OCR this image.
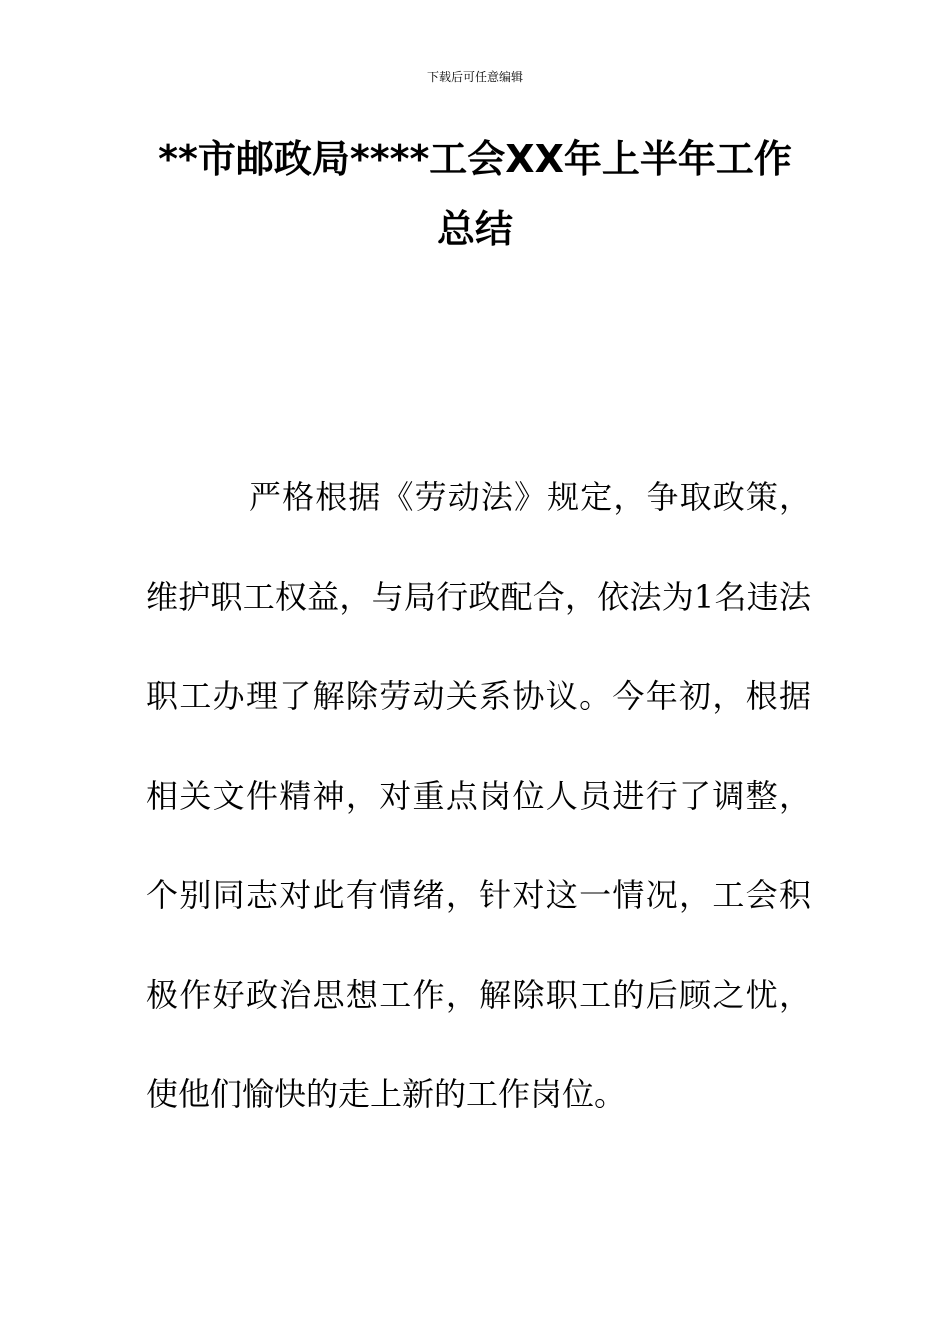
下载后可任意编辑
**市邮政局****工会XX年上半年工作总结

严格根据《劳动法》规定，争取政策，维护职工权益，与局行政配合，依法为1名违法职工办理了解除劳动关系协议。今年初，根据相关文件精神，对重点岗位人员进行了调整，个别同志对此有情绪，针对这一情况，工会积极作好政治思想工作，解除职工的后顾之忧，使他们愉快的走上新的工作岗位。
